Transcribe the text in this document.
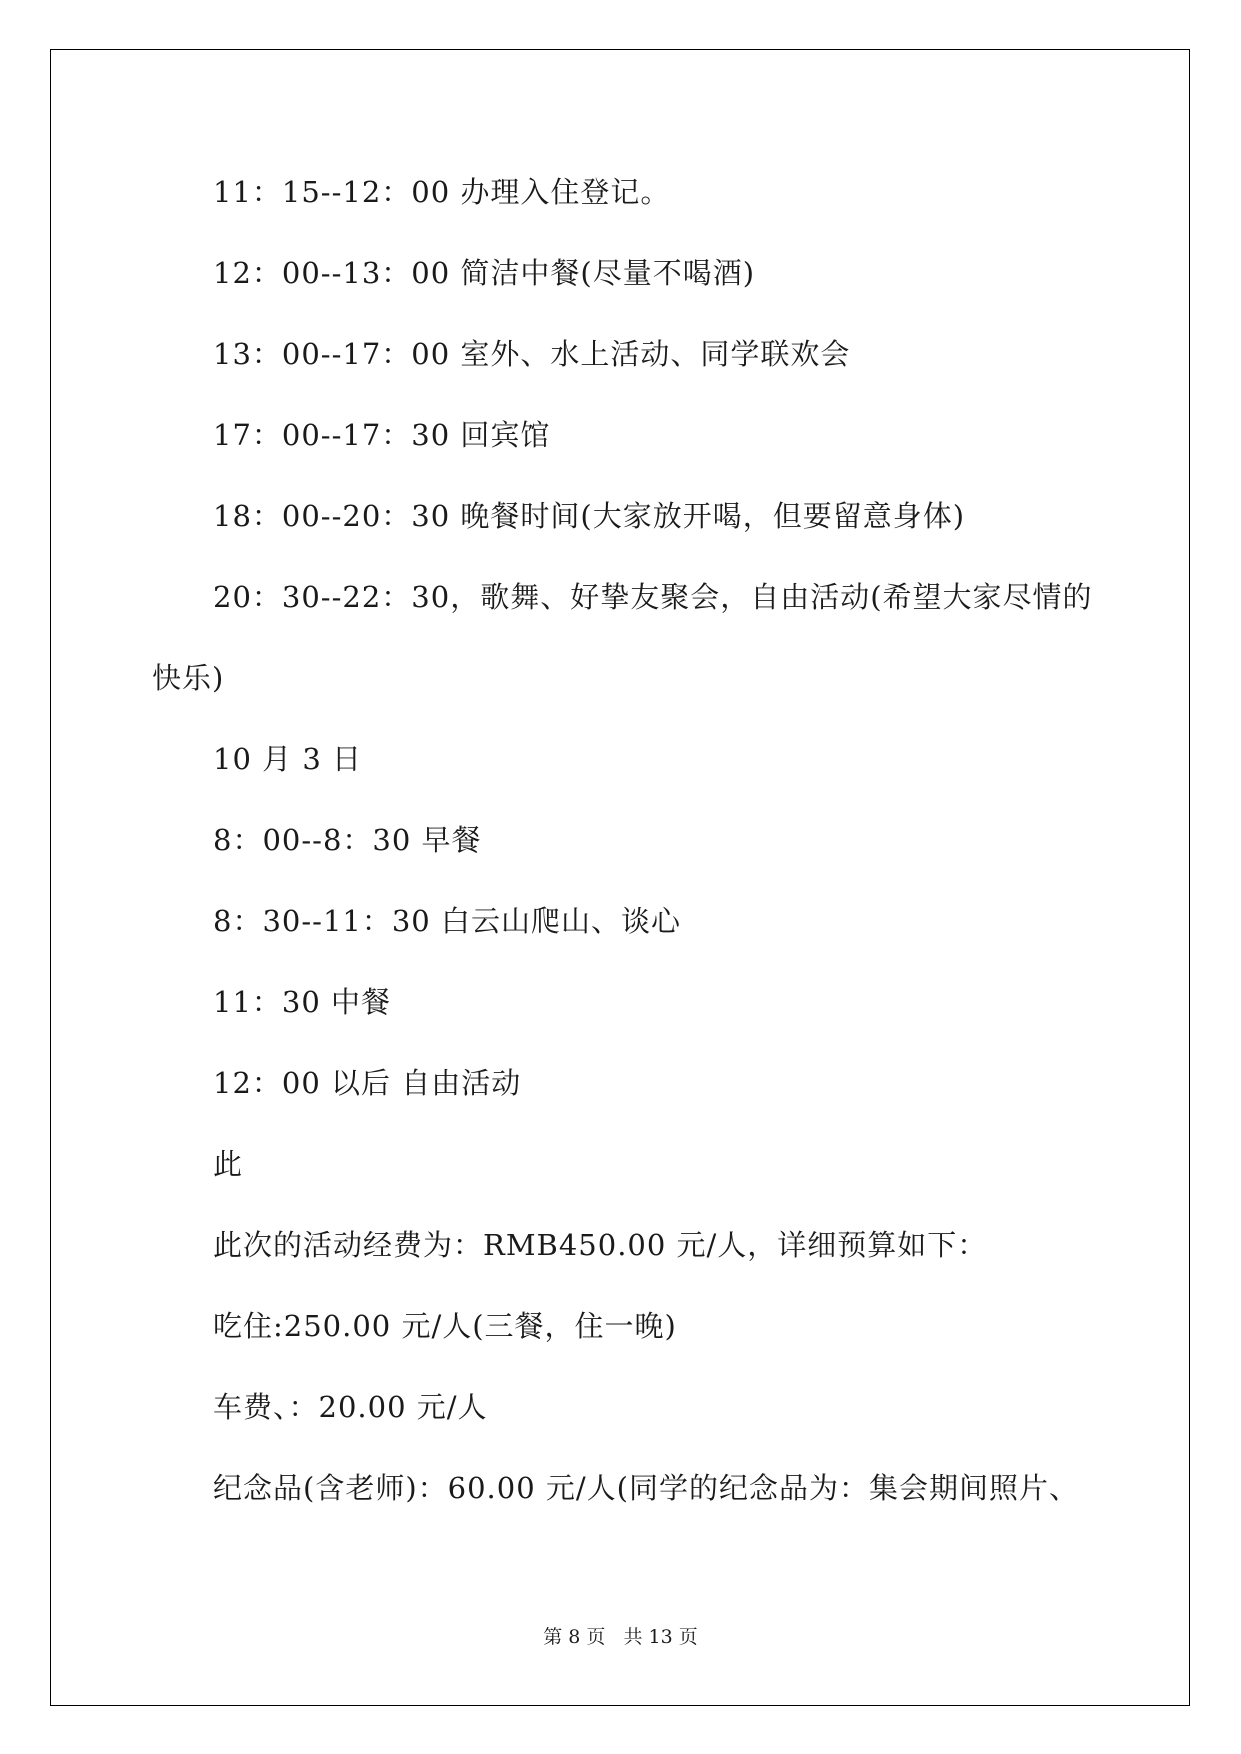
11：15--12：00 办理入住登记。
12：00--13：00 简洁中餐(尽量不喝酒)
13：00--17：00 室外、水上活动、同学联欢会
17：00--17：30 回宾馆
18：00--20：30 晚餐时间(大家放开喝，但要留意身体)
20：30--22：30，歌舞、好挚友聚会，自由活动(希望大家尽情的
快乐)
10 月 3 日
8：00--8：30 早餐
8：30--11：30 白云山爬山、谈心
11：30 中餐
12：00 以后 自由活动
此
此次的活动经费为：RMB450.00 元/人，详细预算如下：
吃住:250.00 元/人(三餐，住一晚)
车费、：20.00 元/人
纪念品(含老师)：60.00 元/人(同学的纪念品为：集会期间照片、
第 8 页 共 13 页
